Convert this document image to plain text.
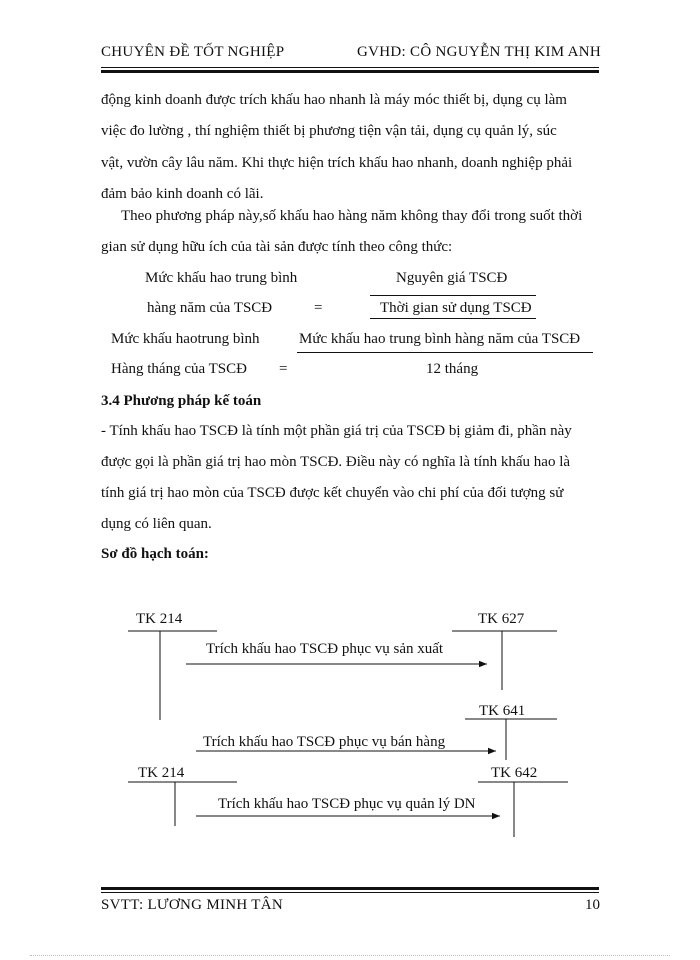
CHUYÊN ĐỀ TỐT NGHIỆP	GVHD: CÔ NGUYỄN THỊ KIM ANH
động kinh doanh được trích khấu hao nhanh là máy móc thiết bị, dụng cụ làm
việc đo lường , thí nghiệm thiết bị phương tiện vận tải, dụng cụ quản lý, súc
vật, vườn cây lâu năm. Khi thực hiện trích khấu hao nhanh, doanh nghiệp phải
đảm bảo kinh doanh có lãi.
Theo phương pháp này,số khấu hao hàng năm không thay đổi trong suốt thời
gian sử dụng hữu ích của tài sản được tính theo công thức:
Mức khấu hao trung bình
hàng năm của TSCĐ	=
Nguyên giá TSCĐ
Thời gian sử dụng TSCĐ
Mức khấu haotrung bình	Mức khấu hao trung bình hàng năm của TSCĐ
Hàng tháng của TSCĐ =	12 tháng
3.4 Phương pháp kế toán
- Tính khấu hao TSCĐ là tính một phần giá trị của TSCĐ bị giảm đi, phần này
được gọi là phần giá trị hao mòn TSCĐ. Điều này có nghĩa là tính khấu hao là
tính giá trị hao mòn của TSCĐ được kết chuyển vào chi phí của đối tượng sử
dụng có liên quan.
Sơ đồ hạch toán:
TK 214	TK 627
TK 641
TK 214	TK 642
Trích khấu hao TSCĐ phục vụ sản xuất
Trích khấu hao TSCĐ phục vụ bán hàng
Trích khấu hao TSCĐ phục vụ quản lý DN
SVTT: LƯƠNG MINH TÂN	10
